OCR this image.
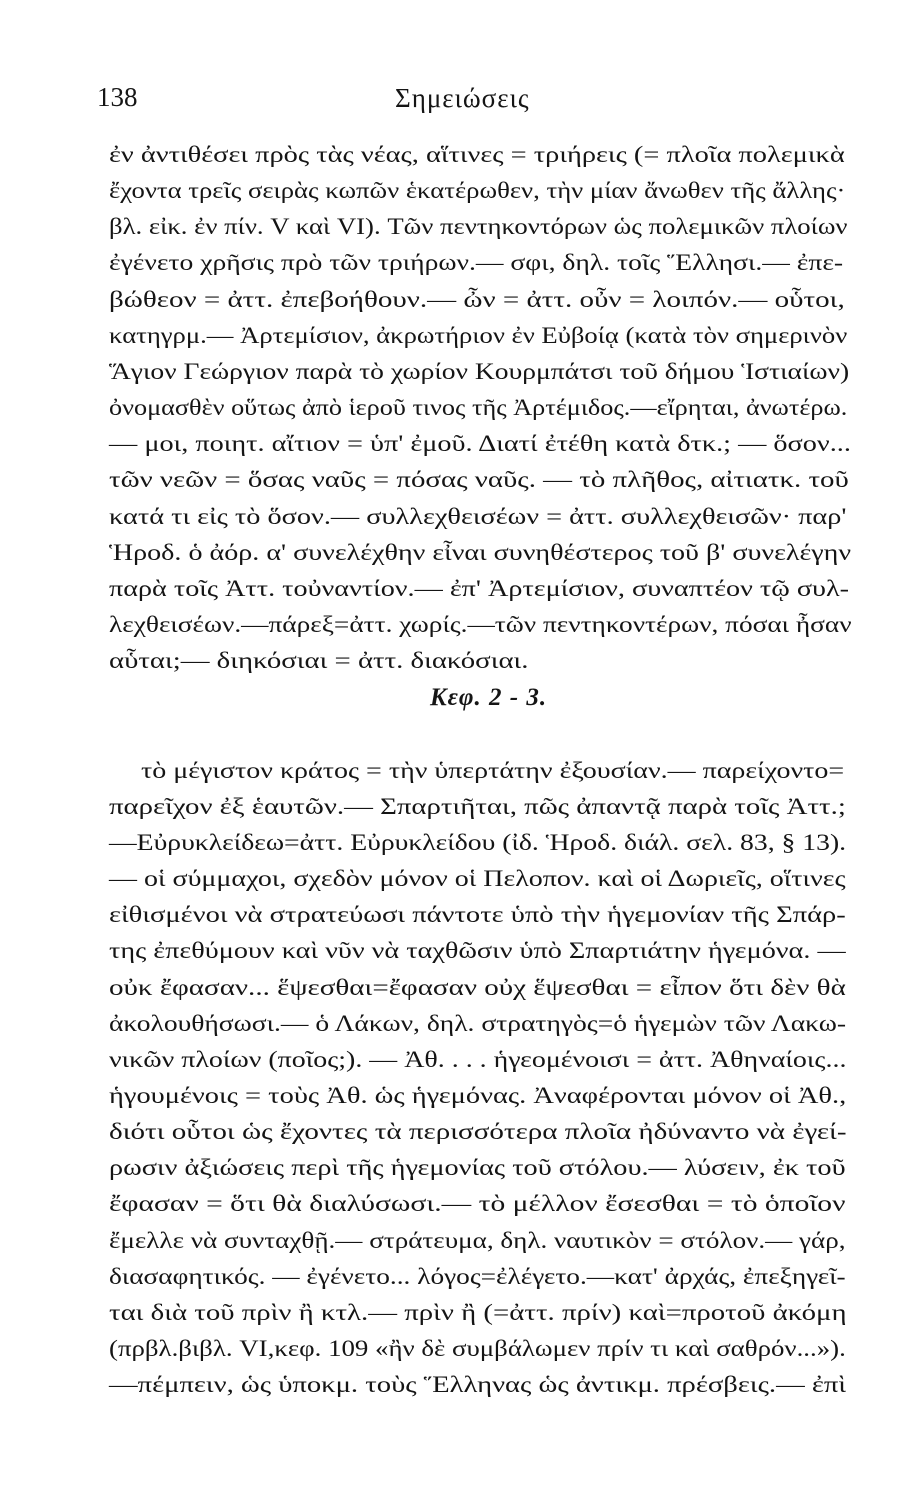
138	Σημειώσεις
ἐν ἀντιθέσει πρὸς τὰς νέας, αἵτινες = τριήρεις (= πλοῖα πολεμικὰ
ἔχοντα τρεῖς σειρὰς κωπῶν ἑκατέρωθεν, τὴν μίαν ἄνωθεν τῆς ἄλλης·
βλ. εἰκ. ἐν πίν. V καὶ VI). Τῶν πεντηκοντόρων ὡς πολεμικῶν πλοίων
ἐγένετο χρῆσις πρὸ τῶν τριήρων.— σφι, δηλ. τοῖς Ἕλλησι.— ἐπε-
βώθεον = ἀττ. ἐπεβοήθουν.— ὦν = ἀττ. οὖν = λοιπόν.— οὗτοι,
κατηγρμ.— Ἀρτεμίσιον, ἀκρωτήριον ἐν Εὐβοίᾳ (κατὰ τὸν σημερινὸν
Ἅγιον Γεώργιον παρὰ τὸ χωρίον Κουρμπάτσι τοῦ δήμου Ἱστιαίων)
ὀνομασθὲν οὕτως ἀπὸ ἱεροῦ τινος τῆς Ἀρτέμιδος.—εἴρηται, ἀνωτέρω.
— μοι, ποιητ. αἴτιον = ὑπ' ἐμοῦ. Διατί ἐτέθη κατὰ δτκ.; — ὅσον...
τῶν νεῶν = ὅσας ναῦς = πόσας ναῦς. — τὸ πλῆθος, αἰτιατκ. τοῦ
κατά τι εἰς τὸ ὅσον.— συλλεχθεισέων = ἀττ. συλλεχθεισῶν· παρ'
Ἡροδ. ὁ ἀόρ. α' συνελέχθην εἶναι συνηθέστερος τοῦ β' συνελέγην
παρὰ τοῖς Ἀττ. τοὐναντίον.— ἐπ' Ἀρτεμίσιον, συναπτέον τῷ συλ-
λεχθεισέων.—πάρεξ=ἀττ. χωρίς.—τῶν πεντηκοντέρων, πόσαι ἦσαν
αὗται;— διηκόσιαι = ἀττ. διακόσιαι.
Κεφ. 2 - 3.
τὸ μέγιστον κράτος = τὴν ὑπερτάτην ἐξουσίαν.— παρείχοντο=
παρεῖχον ἐξ ἑαυτῶν.— Σπαρτιῆται, πῶς ἀπαντᾷ παρὰ τοῖς Ἀττ.;
—Εὐρυκλείδεω=ἀττ. Εὐρυκλείδου (ἰδ. Ἡροδ. διάλ. σελ. 83, § 13).
— οἱ σύμμαχοι, σχεδὸν μόνον οἱ Πελοπον. καὶ οἱ Δωριεῖς, οἵτινες
εἰθισμένοι νὰ στρατεύωσι πάντοτε ὑπὸ τὴν ἡγεμονίαν τῆς Σπάρ-
της ἐπεθύμουν καὶ νῦν νὰ ταχθῶσιν ὑπὸ Σπαρτιάτην ἡγεμόνα. —
οὐκ ἔφασαν... ἕψεσθαι=ἔφασαν οὐχ ἕψεσθαι = εἶπον ὅτι δὲν θὰ
ἀκολουθήσωσι.— ὁ Λάκων, δηλ. στρατηγὸς=ὁ ἡγεμὼν τῶν Λακω-
νικῶν πλοίων (ποῖος;). — Ἀθ. . . . ἡγεομένοισι = ἀττ. Ἀθηναίοις...
ἡγουμένοις = τοὺς Ἀθ. ὡς ἡγεμόνας. Ἀναφέρονται μόνον οἱ Ἀθ.,
διότι οὗτοι ὡς ἔχοντες τὰ περισσότερα πλοῖα ἠδύναντο νὰ ἐγεί-
ρωσιν ἀξιώσεις περὶ τῆς ἡγεμονίας τοῦ στόλου.— λύσειν, ἐκ τοῦ
ἔφασαν = ὅτι θὰ διαλύσωσι.— τὸ μέλλον ἔσεσθαι = τὸ ὁποῖον
ἔμελλε νὰ συνταχθῇ.— στράτευμα, δηλ. ναυτικὸν = στόλον.— γάρ,
διασαφητικός. — ἐγένετο... λόγος=ἐλέγετο.—κατ' ἀρχάς, ἐπεξηγεῖ-
ται διὰ τοῦ πρὶν ἢ κτλ.— πρὶν ἢ (=ἀττ. πρίν) καὶ=προτοῦ ἀκόμη
(πρβλ.βιβλ. VI,κεφ. 109 «ἢν δὲ συμβάλωμεν πρίν τι καὶ σαθρόν...»).
—πέμπειν, ὡς ὑποκμ. τοὺς Ἕλληνας ὡς ἀντικμ. πρέσβεις.— ἐπὶ
